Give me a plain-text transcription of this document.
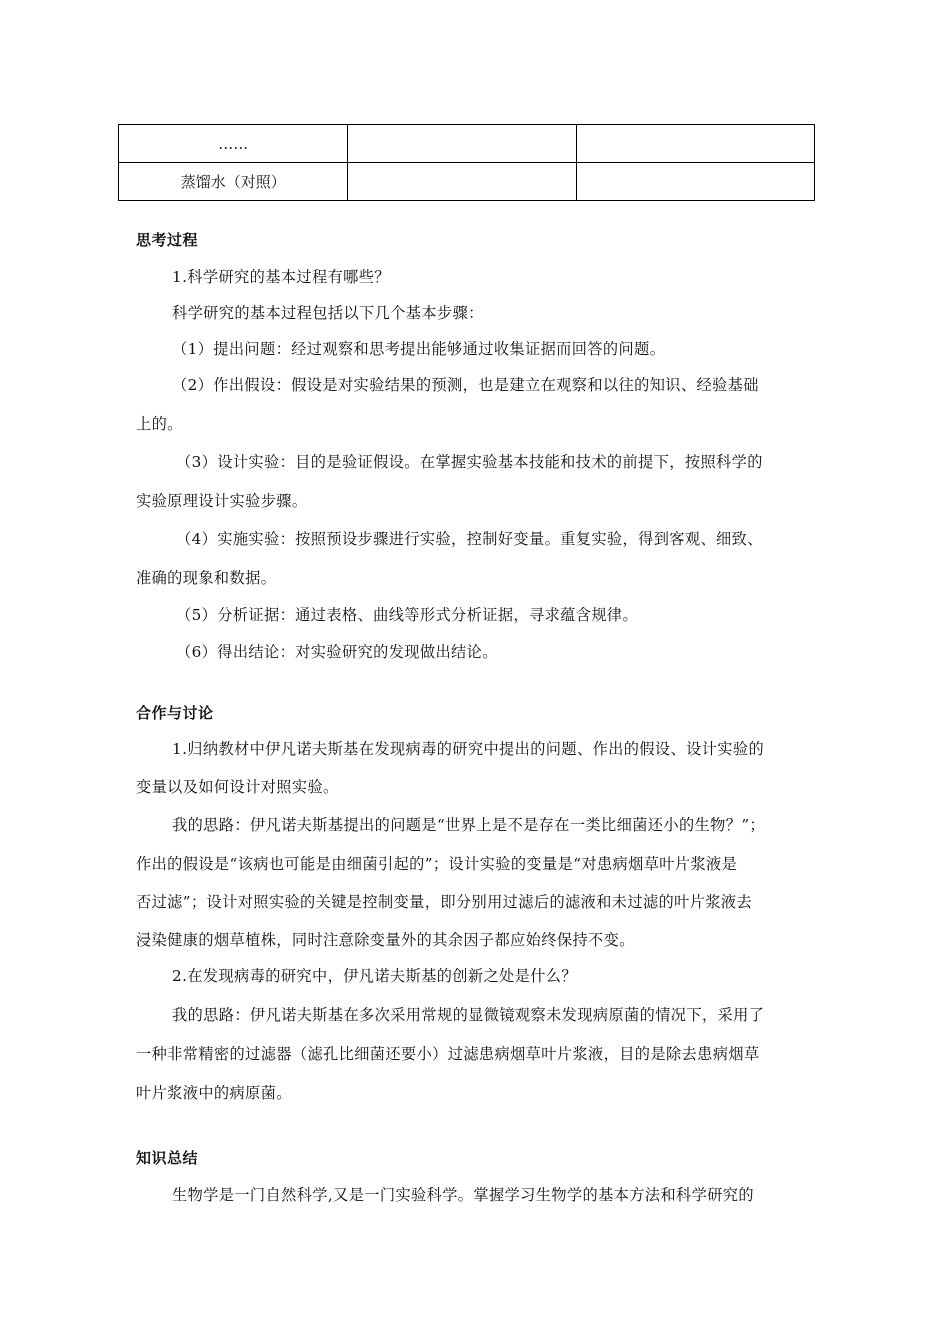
……		
蒸馏水（对照）		
思考过程
1.科学研究的基本过程有哪些？
科学研究的基本过程包括以下几个基本步骤：
（1）提出问题：经过观察和思考提出能够通过收集证据而回答的问题。
（2）作出假设：假设是对实验结果的预测，也是建立在观察和以往的知识、经验基础
上的。
（3）设计实验：目的是验证假设。在掌握实验基本技能和技术的前提下，按照科学的
实验原理设计实验步骤。
（4）实施实验：按照预设步骤进行实验，控制好变量。重复实验，得到客观、细致、
准确的现象和数据。
（5）分析证据：通过表格、曲线等形式分析证据，寻求蕴含规律。
（6）得出结论：对实验研究的发现做出结论。
合作与讨论
1.归纳教材中伊凡诺夫斯基在发现病毒的研究中提出的问题、作出的假设、设计实验的
变量以及如何设计对照实验。
我的思路：伊凡诺夫斯基提出的问题是“世界上是不是存在一类比细菌还小的生物？”；
作出的假设是“该病也可能是由细菌引起的”；设计实验的变量是“对患病烟草叶片浆液是
否过滤”；设计对照实验的关键是控制变量，即分别用过滤后的滤液和未过滤的叶片浆液去
浸染健康的烟草植株，同时注意除变量外的其余因子都应始终保持不变。
2.在发现病毒的研究中，伊凡诺夫斯基的创新之处是什么？
我的思路：伊凡诺夫斯基在多次采用常规的显微镜观察未发现病原菌的情况下，采用了
一种非常精密的过滤器（滤孔比细菌还要小）过滤患病烟草叶片浆液，目的是除去患病烟草
叶片浆液中的病原菌。
知识总结
生物学是一门自然科学,又是一门实验科学。掌握学习生物学的基本方法和科学研究的
